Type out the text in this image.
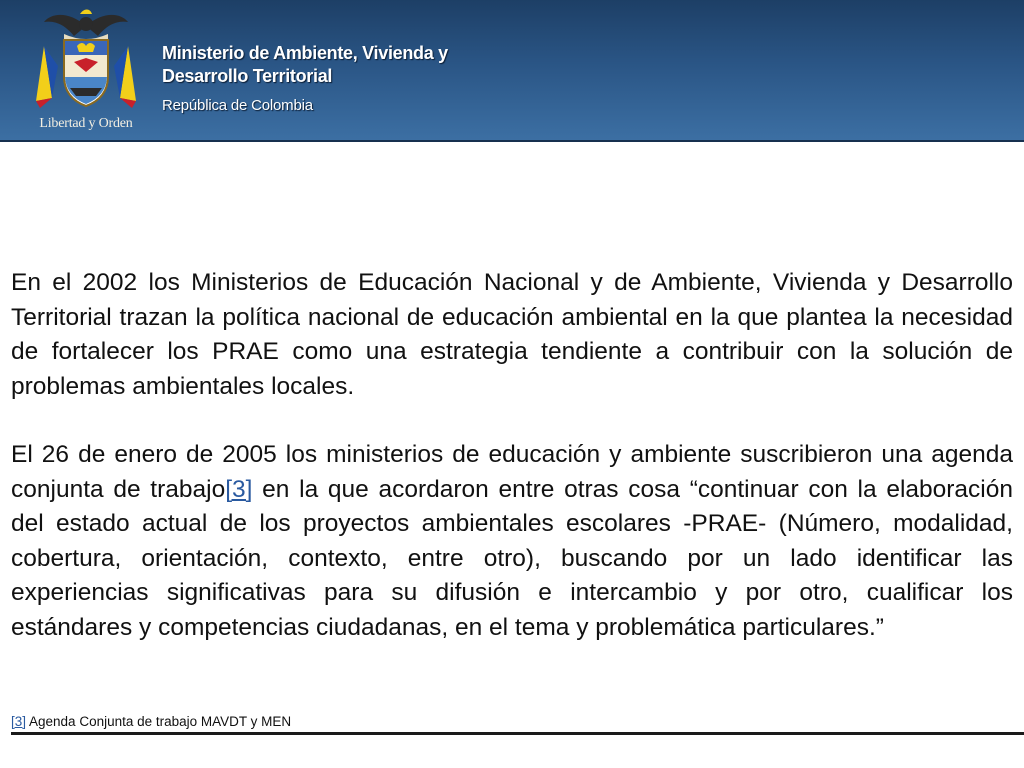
Libertad y Orden
Ministerio de Ambiente, Vivienda y
Desarrollo Territorial
República de Colombia

En el 2002 los Ministerios de Educación Nacional y de Ambiente, Vivienda y Desarrollo Territorial trazan la política nacional de educación ambiental en la que plantea la necesidad de fortalecer los PRAE como una estrategia tendiente a contribuir con la solución de problemas ambientales locales.

El 26 de enero de 2005 los ministerios de educación y ambiente suscribieron una agenda conjunta de trabajo[3] en la que acordaron entre otras cosa “continuar con la elaboración del estado actual de los proyectos ambientales escolares -PRAE- (Número, modalidad, cobertura, orientación, contexto, entre otro), buscando por un lado identificar las experiencias significativas para su difusión e intercambio y por otro, cualificar los estándares y competencias ciudadanas, en el tema y problemática particulares.”

[3] Agenda Conjunta de trabajo MAVDT y MEN
